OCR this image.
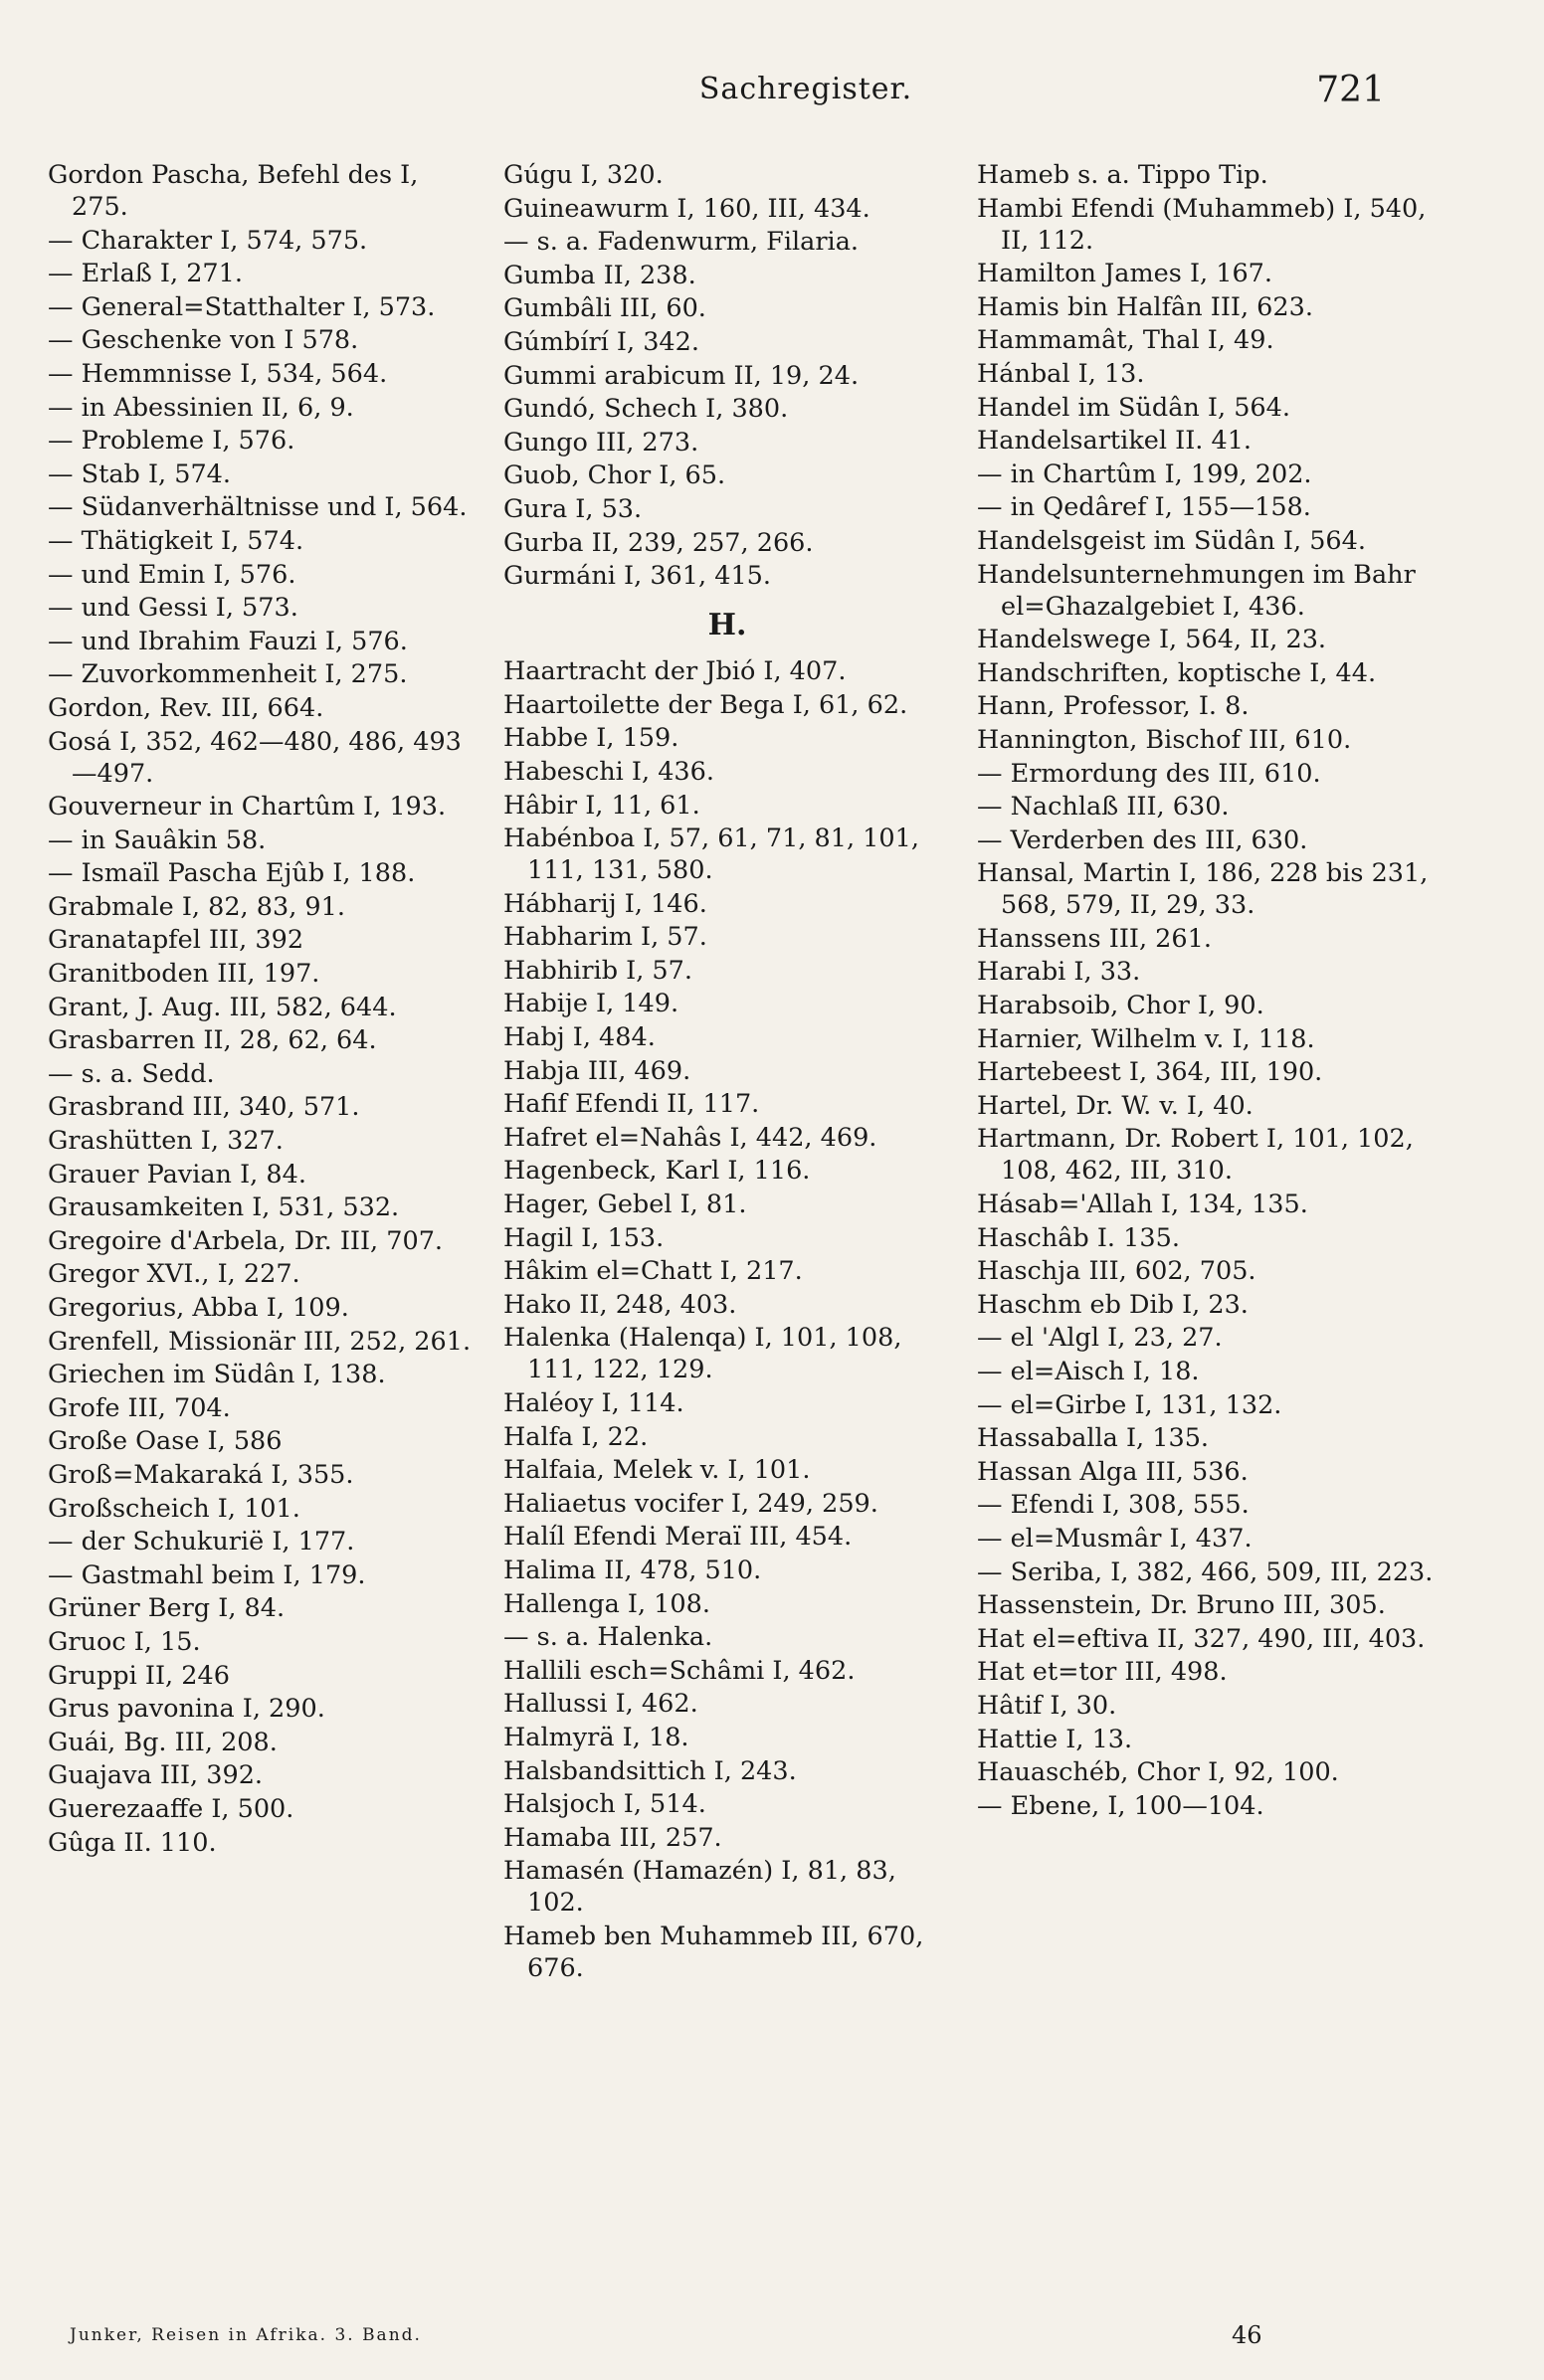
Sachregister.	721
Gordon Pascha, Befehl des I, 275.
— Charakter I, 574, 575.
— Erlaß I, 271.
— General=Statthalter I, 573.
— Geschenke von I 578.
— Hemmnisse I, 534, 564.
— in Abessinien II, 6, 9.
— Probleme I, 576.
— Stab I, 574.
— Südanverhältnisse und I, 564.
— Thätigkeit I, 574.
— und Emin I, 576.
— und Gessi I, 573.
— und Ibrahim Fauzi I, 576.
— Zuvorkommenheit I, 275.
Gordon, Rev. III, 664.
Gosá I, 352, 462—480, 486, 493—497.
Gouverneur in Chartûm I, 193.
— in Sauâkin 58.
— Ismaïl Pascha Ejûb I, 188.
Grabmale I, 82, 83, 91.
Granatapfel III, 392
Granitboden III, 197.
Grant, J. Aug. III, 582, 644.
Grasbarren II, 28, 62, 64.
— s. a. Sedd.
Grasbrand III, 340, 571.
Grashütten I, 327.
Grauer Pavian I, 84.
Grausamkeiten I, 531, 532.
Gregoire d'Arbela, Dr. III, 707.
Gregor XVI., I, 227.
Gregorius, Abba I, 109.
Grenfell, Missionär III, 252, 261.
Griechen im Südân I, 138.
Grofe III, 704.
Große Oase I, 586
Groß=Makaraká I, 355.
Großscheich I, 101.
— der Schukurië I, 177.
— Gastmahl beim I, 179.
Grüner Berg I, 84.
Gruoc I, 15.
Gruppi II, 246
Grus pavonina I, 290.
Guái, Bg. III, 208.
Guajava III, 392.
Guerezaaffe I, 500.
Gûga II. 110.
Gúgu I, 320.
Guineawurm I, 160, III, 434.
— s. a. Fadenwurm, Filaria.
Gumba II, 238.
Gumbâli III, 60.
Gúmbírí I, 342.
Gummi arabicum II, 19, 24.
Gundó, Schech I, 380.
Gungo III, 273.
Guob, Chor I, 65.
Gura I, 53.
Gurba II, 239, 257, 266.
Gurmáni I, 361, 415.
H.
Haartracht der Jbió I, 407.
Haartoilette der Bega I, 61, 62.
Habbe I, 159.
Habeschi I, 436.
Hâbir I, 11, 61.
Habénboa I, 57, 61, 71, 81, 101, 111, 131, 580.
Hábharij I, 146.
Habharim I, 57.
Habhirib I, 57.
Habije I, 149.
Habj I, 484.
Habja III, 469.
Hafif Efendi II, 117.
Hafret el=Nahâs I, 442, 469.
Hagenbeck, Karl I, 116.
Hager, Gebel I, 81.
Hagil I, 153.
Hâkim el=Chatt I, 217.
Hako II, 248, 403.
Halenka (Halenqa) I, 101, 108, 111, 122, 129.
Haléoy I, 114.
Halfa I, 22.
Halfaia, Melek v. I, 101.
Haliaetus vocifer I, 249, 259.
Halíl Efendi Meraï III, 454.
Halima II, 478, 510.
Hallenga I, 108.
— s. a. Halenka.
Hallili esch=Schâmi I, 462.
Hallussi I, 462.
Halmyrä I, 18.
Halsbandsittich I, 243.
Halsjoch I, 514.
Hamaba III, 257.
Hamasén (Hamazén) I, 81, 83, 102.
Hameb ben Muhammeb III, 670, 676.
Hameb s. a. Tippo Tip.
Hambi Efendi (Muhammeb) I, 540, II, 112.
Hamilton James I, 167.
Hamis bin Halfân III, 623.
Hammamât, Thal I, 49.
Hánbal I, 13.
Handel im Südân I, 564.
Handelsartikel II. 41.
— in Chartûm I, 199, 202.
— in Qedâref I, 155—158.
Handelsgeist im Südân I, 564.
Handelsunternehmungen im Bahr el=Ghazalgebiet I, 436.
Handelswege I, 564, II, 23.
Handschriften, koptische I, 44.
Hann, Professor, I. 8.
Hannington, Bischof III, 610.
— Ermordung des III, 610.
— Nachlaß III, 630.
— Verderben des III, 630.
Hansal, Martin I, 186, 228 bis 231, 568, 579, II, 29, 33.
Hanssens III, 261.
Harabi I, 33.
Harabsoib, Chor I, 90.
Harnier, Wilhelm v. I, 118.
Hartebeest I, 364, III, 190.
Hartel, Dr. W. v. I, 40.
Hartmann, Dr. Robert I, 101, 102, 108, 462, III, 310.
Hásab='Allah I, 134, 135.
Haschâb I. 135.
Haschja III, 602, 705.
Haschm eb Dib I, 23.
— el 'Algl I, 23, 27.
— el=Aisch I, 18.
— el=Girbe I, 131, 132.
Hassaballa I, 135.
Hassan Alga III, 536.
— Efendi I, 308, 555.
— el=Musmâr I, 437.
— Seriba, I, 382, 466, 509, III, 223.
Hassenstein, Dr. Bruno III, 305.
Hat el=eftiva II, 327, 490, III, 403.
Hat et=tor III, 498.
Hâtif I, 30.
Hattie I, 13.
Hauaschéb, Chor I, 92, 100.
— Ebene, I, 100—104.
Junker, Reisen in Afrika. 3. Band.	46
